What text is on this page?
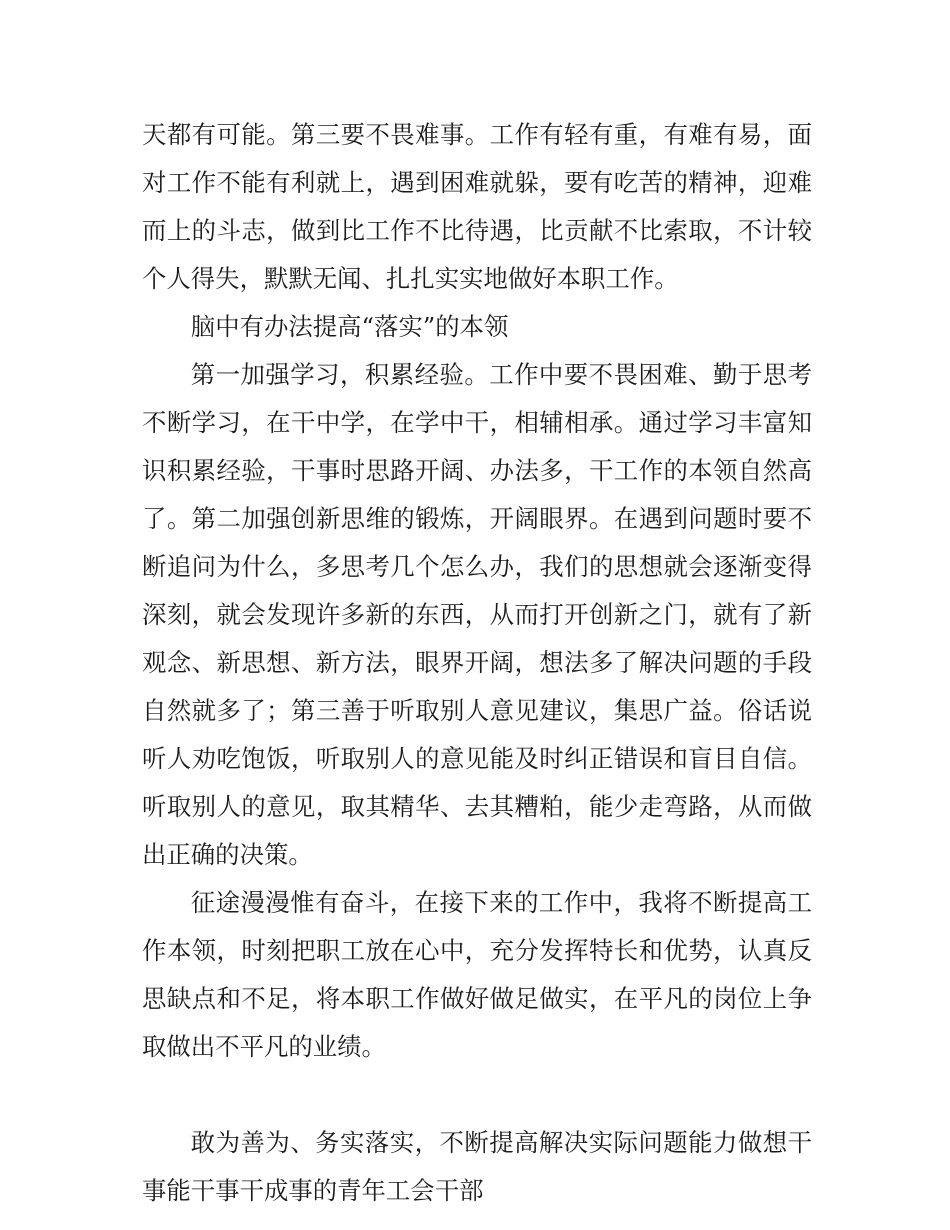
天都有可能。第三要不畏难事。工作有轻有重，有难有易，面对工作不能有利就上，遇到困难就躲，要有吃苦的精神，迎难而上的斗志，做到比工作不比待遇，比贡献不比索取，不计较个人得失，默默无闻、扎扎实实地做好本职工作。

脑中有办法提高“落实”的本领

第一加强学习，积累经验。工作中要不畏困难、勤于思考不断学习，在干中学，在学中干，相辅相承。通过学习丰富知识积累经验，干事时思路开阔、办法多，干工作的本领自然高了。第二加强创新思维的锻炼，开阔眼界。在遇到问题时要不断追问为什么，多思考几个怎么办，我们的思想就会逐渐变得深刻，就会发现许多新的东西，从而打开创新之门，就有了新观念、新思想、新方法，眼界开阔，想法多了解决问题的手段自然就多了；第三善于听取别人意见建议，集思广益。俗话说听人劝吃饱饭，听取别人的意见能及时纠正错误和盲目自信。听取别人的意见，取其精华、去其糟粕，能少走弯路，从而做出正确的决策。

征途漫漫惟有奋斗，在接下来的工作中，我将不断提高工作本领，时刻把职工放在心中，充分发挥特长和优势，认真反思缺点和不足，将本职工作做好做足做实，在平凡的岗位上争取做出不平凡的业绩。

敢为善为、务实落实，不断提高解决实际问题能力做想干事能干事干成事的青年工会干部
